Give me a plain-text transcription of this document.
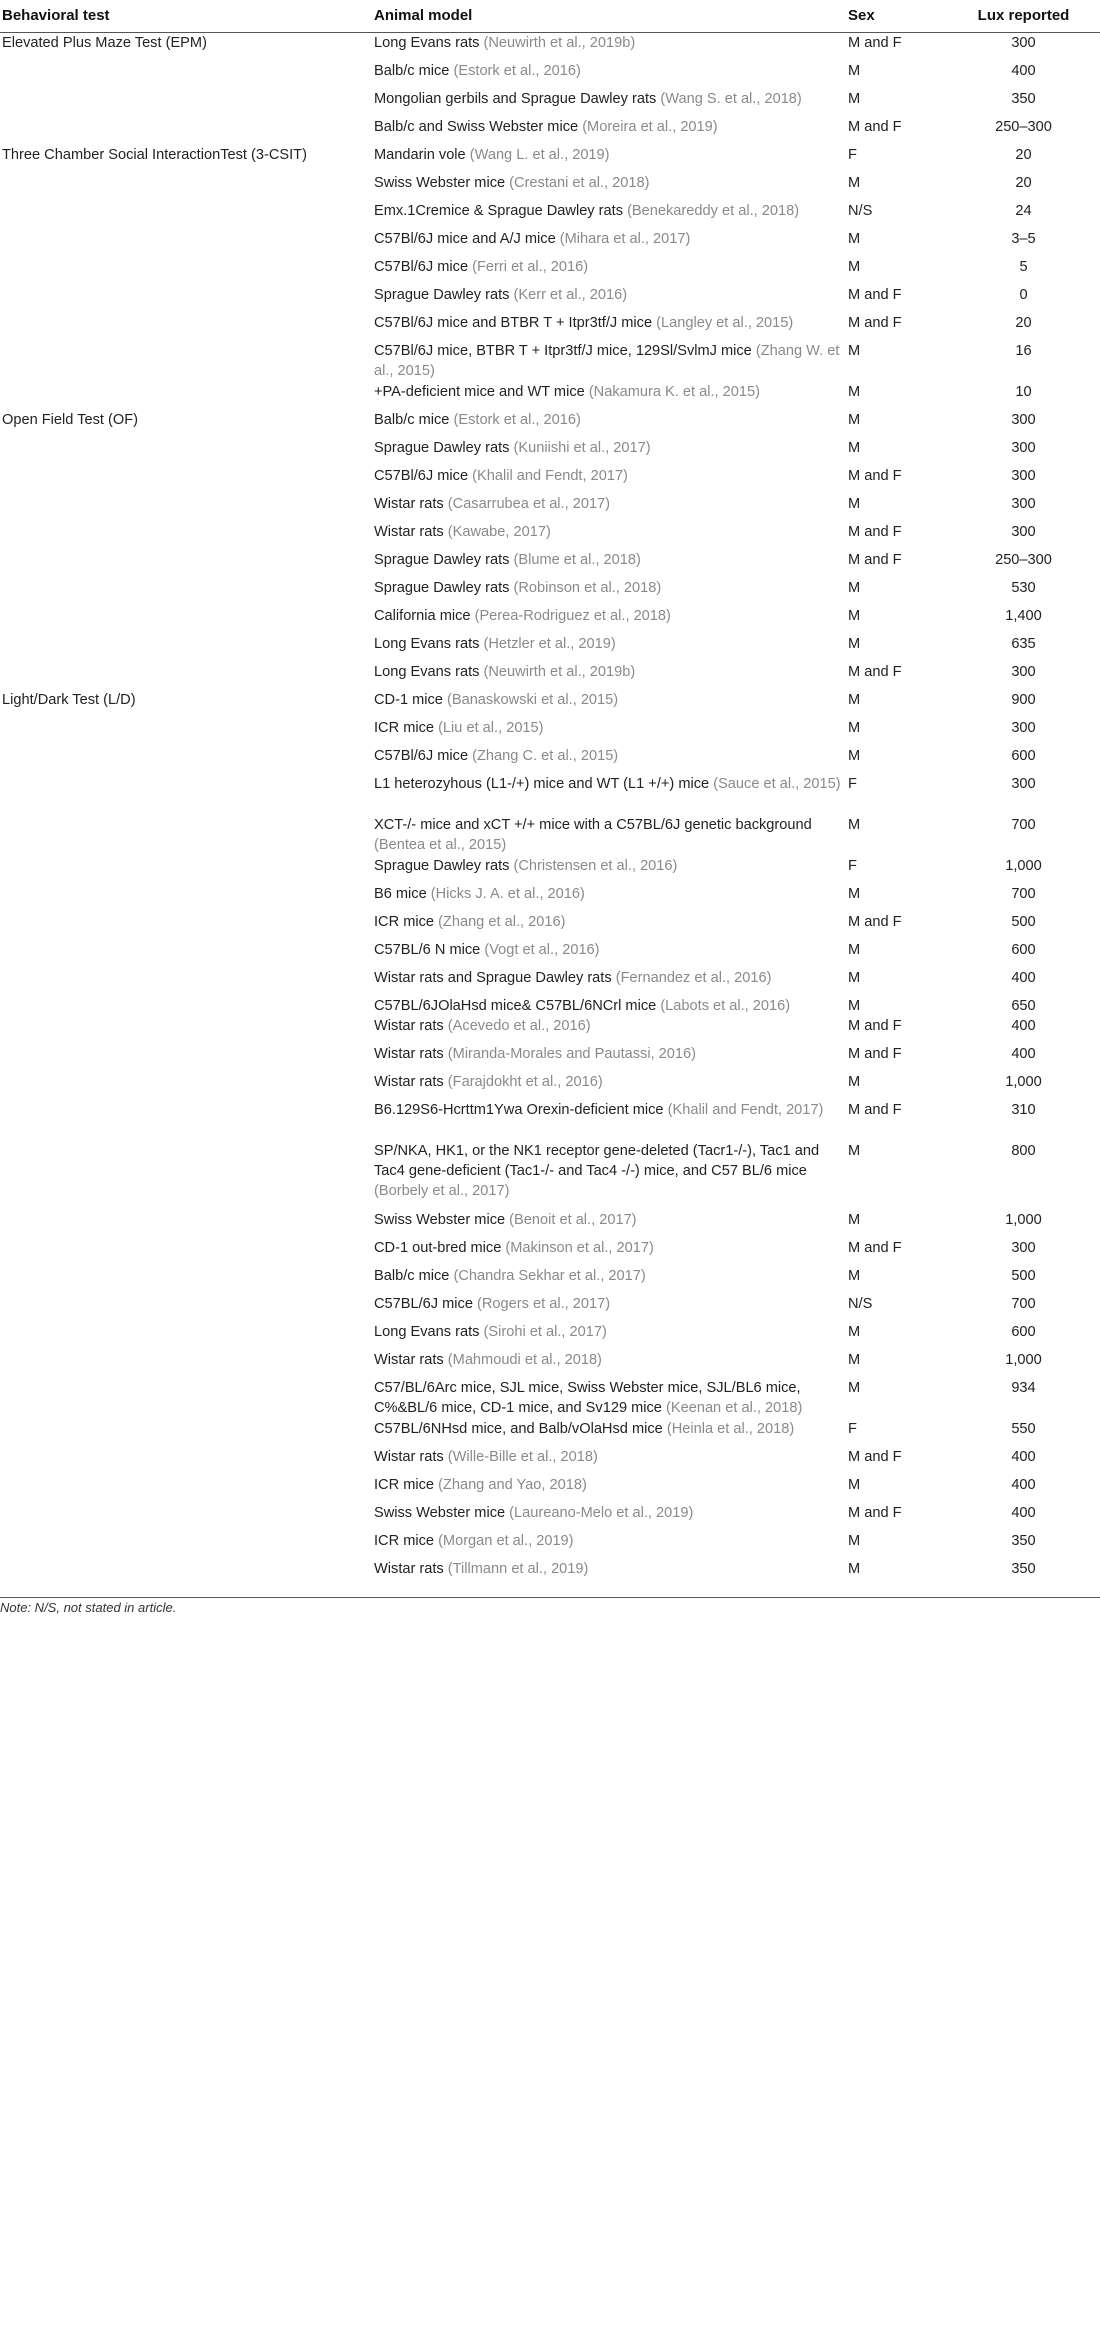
Behavioral test	Animal model	Sex	Lux reported
Elevated Plus Maze Test (EPM)	Long Evans rats (Neuwirth et al., 2019b)	M and F	300
	Balb/c mice (Estork et al., 2016)	M	400
	Mongolian gerbils and Sprague Dawley rats (Wang S. et al., 2018)	M	350
	Balb/c and Swiss Webster mice (Moreira et al., 2019)	M and F	250–300
Three Chamber Social InteractionTest (3-CSIT)	Mandarin vole (Wang L. et al., 2019)	F	20
	Swiss Webster mice (Crestani et al., 2018)	M	20
	Emx.1Cremice & Sprague Dawley rats (Benekareddy et al., 2018)	N/S	24
	C57Bl/6J mice and A/J mice (Mihara et al., 2017)	M	3–5
	C57Bl/6J mice (Ferri et al., 2016)	M	5
	Sprague Dawley rats (Kerr et al., 2016)	M and F	0
	C57Bl/6J mice and BTBR T + Itpr3tf/J mice (Langley et al., 2015)	M and F	20
	C57Bl/6J mice, BTBR T + Itpr3tf/J mice, 129Sl/SvlmJ mice (Zhang W. et al., 2015)	M	16
	+PA-deficient mice and WT mice (Nakamura K. et al., 2015)	M	10
Open Field Test (OF)	Balb/c mice (Estork et al., 2016)	M	300
	Sprague Dawley rats (Kuniishi et al., 2017)	M	300
	C57Bl/6J mice (Khalil and Fendt, 2017)	M and F	300
	Wistar rats (Casarrubea et al., 2017)	M	300
	Wistar rats (Kawabe, 2017)	M and F	300
	Sprague Dawley rats (Blume et al., 2018)	M and F	250–300
	Sprague Dawley rats (Robinson et al., 2018)	M	530
	California mice (Perea-Rodriguez et al., 2018)	M	1,400
	Long Evans rats (Hetzler et al., 2019)	M	635
	Long Evans rats (Neuwirth et al., 2019b)	M and F	300
Light/Dark Test (L/D)	CD-1 mice (Banaskowski et al., 2015)	M	900
	ICR mice (Liu et al., 2015)	M	300
	C57Bl/6J mice (Zhang C. et al., 2015)	M	600
	L1 heterozyhous (L1-/+) mice and WT (L1 +/+) mice (Sauce et al., 2015)	F	300
	XCT-/- mice and xCT +/+ mice with a C57BL/6J genetic background (Bentea et al., 2015)	M	700
	Sprague Dawley rats (Christensen et al., 2016)	F	1,000
	B6 mice (Hicks J. A. et al., 2016)	M	700
	ICR mice (Zhang et al., 2016)	M and F	500
	C57BL/6 N mice (Vogt et al., 2016)	M	600
	Wistar rats and Sprague Dawley rats (Fernandez et al., 2016)	M	400
	C57BL/6JOlaHsd mice& C57BL/6NCrl mice (Labots et al., 2016)	M	650
	Wistar rats (Acevedo et al., 2016)	M and F	400
	Wistar rats (Miranda-Morales and Pautassi, 2016)	M and F	400
	Wistar rats (Farajdokht et al., 2016)	M	1,000
	B6.129S6-Hcrttm1Ywa Orexin-deficient mice (Khalil and Fendt, 2017)	M and F	310
	SP/NKA, HK1, or the NK1 receptor gene-deleted (Tacr1-/-), Tac1 and Tac4 gene-deficient (Tac1-/- and Tac4 -/-) mice, and C57 BL/6 mice (Borbely et al., 2017)	M	800
	Swiss Webster mice (Benoit et al., 2017)	M	1,000
	CD-1 out-bred mice (Makinson et al., 2017)	M and F	300
	Balb/c mice (Chandra Sekhar et al., 2017)	M	500
	C57BL/6J mice (Rogers et al., 2017)	N/S	700
	Long Evans rats (Sirohi et al., 2017)	M	600
	Wistar rats (Mahmoudi et al., 2018)	M	1,000
	C57/BL/6Arc mice, SJL mice, Swiss Webster mice, SJL/BL6 mice, C%&BL/6 mice, CD-1 mice, and Sv129 mice (Keenan et al., 2018)	M	934
	C57BL/6NHsd mice, and Balb/vOlaHsd mice (Heinla et al., 2018)	F	550
	Wistar rats (Wille-Bille et al., 2018)	M and F	400
	ICR mice (Zhang and Yao, 2018)	M	400
	Swiss Webster mice (Laureano-Melo et al., 2019)	M and F	400
	ICR mice (Morgan et al., 2019)	M	350
	Wistar rats (Tillmann et al., 2019)	M	350
Note: N/S, not stated in article.			
